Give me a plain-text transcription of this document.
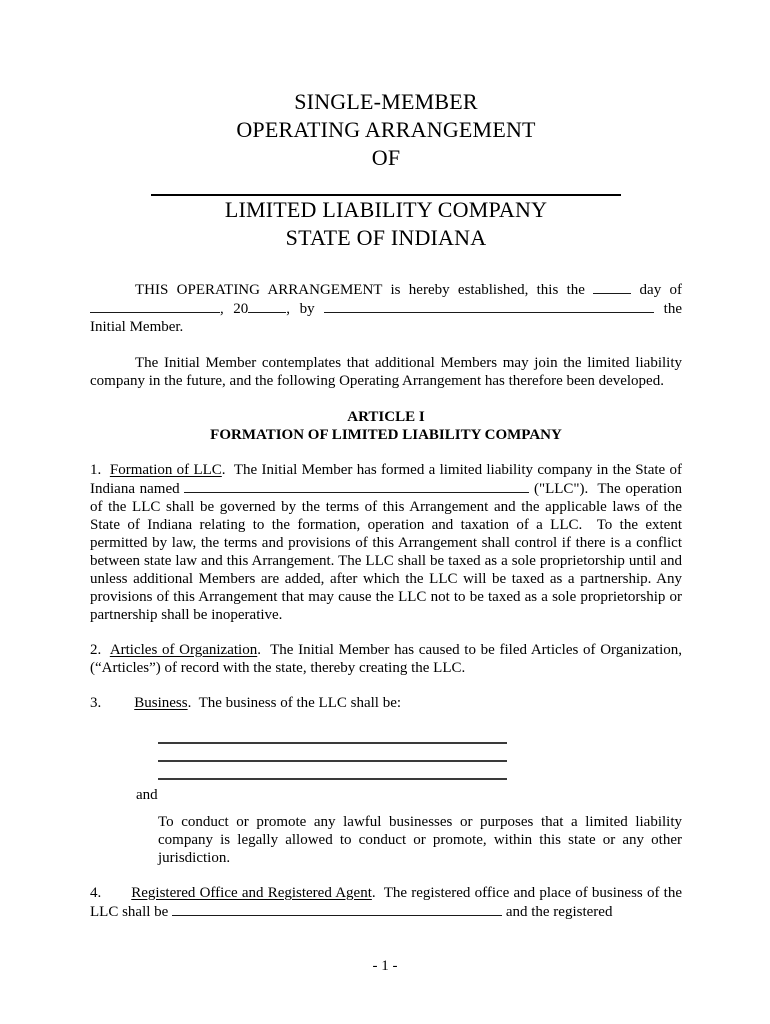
SINGLE-MEMBER
OPERATING ARRANGEMENT
OF
LIMITED LIABILITY COMPANY
STATE OF INDIANA
THIS OPERATING ARRANGEMENT is hereby established, this the	day of , 20	, by	the Initial Member.
The Initial Member contemplates that additional Members may join the limited liability company in the future, and the following Operating Arrangement has therefore been developed.
ARTICLE I
FORMATION OF LIMITED LIABILITY COMPANY
1.  Formation of LLC.  The Initial Member has formed a limited liability company in the State of Indiana named	("LLC").  The operation of the LLC shall be governed by the terms of this Arrangement and the applicable laws of the State of Indiana relating to the formation, operation and taxation of a LLC.  To the extent permitted by law, the terms and provisions of this Arrangement shall control if there is a conflict between state law and this Arrangement. The LLC shall be taxed as a sole proprietorship until and unless additional Members are added, after which the LLC will be taxed as a partnership. Any provisions of this Arrangement that may cause the LLC not to be taxed as a sole proprietorship or partnership shall be inoperative.
2.  Articles of Organization.  The Initial Member has caused to be filed Articles of Organization, (“Articles”) of record with the state, thereby creating the LLC.
3. Business.  The business of the LLC shall be:
and
To conduct or promote any lawful businesses or purposes that a limited liability company is legally allowed to conduct or promote, within this state or any other jurisdiction.
4. Registered Office and Registered Agent.  The registered office and place of business of the LLC shall be	and the registered
- 1 -
